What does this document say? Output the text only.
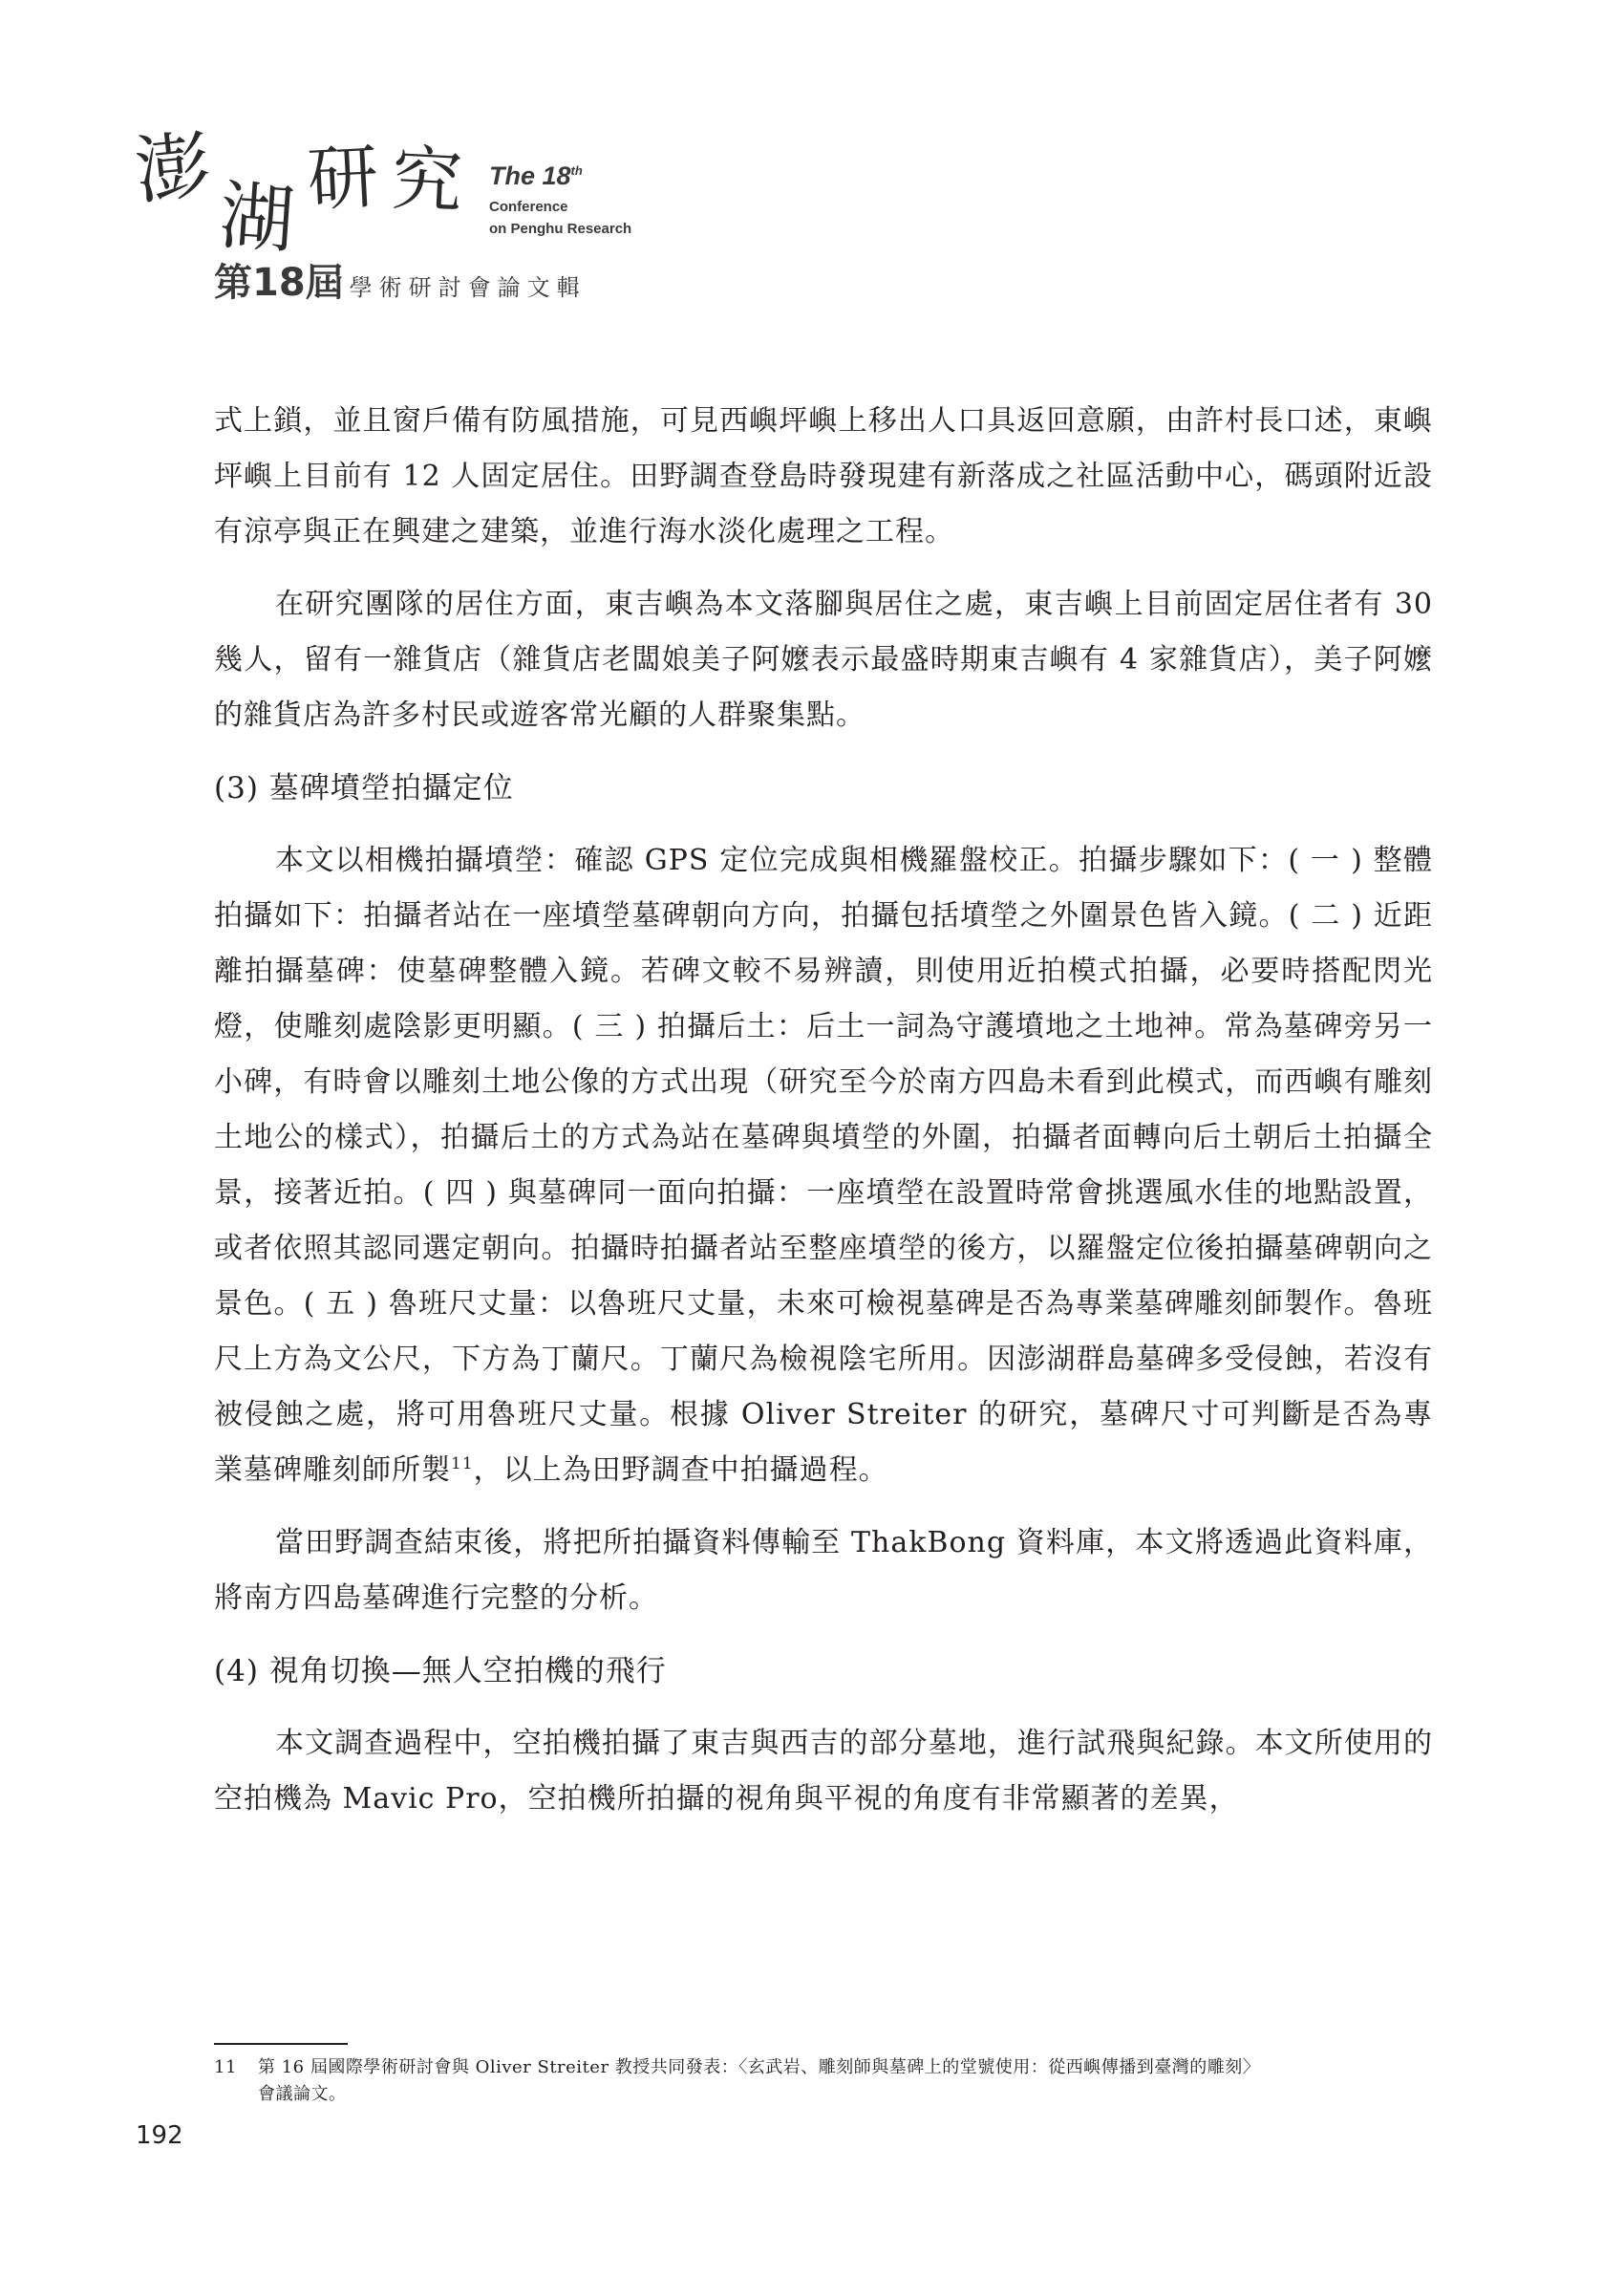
澎
湖 研 究 The 18th
Conference
on Penghu Research
第18屆 學術研討會論文輯

式上鎖，並且窗戶備有防風措施，可見西嶼坪嶼上移出人口具返回意願，由許村長口述，東嶼坪嶼上目前有 12 人固定居住。田野調查登島時發現建有新落成之社區活動中心，碼頭附近設有涼亭與正在興建之建築，並進行海水淡化處理之工程。

在研究團隊的居住方面，東吉嶼為本文落腳與居住之處，東吉嶼上目前固定居住者有 30 幾人，留有一雜貨店（雜貨店老闆娘美子阿嬤表示最盛時期東吉嶼有 4 家雜貨店），美子阿嬤的雜貨店為許多村民或遊客常光顧的人群聚集點。

(3) 墓碑墳塋拍攝定位

本文以相機拍攝墳塋：確認 GPS 定位完成與相機羅盤校正。拍攝步驟如下：( 一 ) 整體拍攝如下：拍攝者站在一座墳塋墓碑朝向方向，拍攝包括墳塋之外圍景色皆入鏡。( 二 ) 近距離拍攝墓碑：使墓碑整體入鏡。若碑文較不易辨讀，則使用近拍模式拍攝，必要時搭配閃光燈，使雕刻處陰影更明顯。( 三 ) 拍攝后土：后土一詞為守護墳地之土地神。常為墓碑旁另一小碑，有時會以雕刻土地公像的方式出現（研究至今於南方四島未看到此模式，而西嶼有雕刻土地公的樣式），拍攝后土的方式為站在墓碑與墳塋的外圍，拍攝者面轉向后土朝后土拍攝全景，接著近拍。( 四 ) 與墓碑同一面向拍攝：一座墳塋在設置時常會挑選風水佳的地點設置，或者依照其認同選定朝向。拍攝時拍攝者站至整座墳塋的後方，以羅盤定位後拍攝墓碑朝向之景色。( 五 ) 魯班尺丈量：以魯班尺丈量，未來可檢視墓碑是否為專業墓碑雕刻師製作。魯班尺上方為文公尺，下方為丁蘭尺。丁蘭尺為檢視陰宅所用。因澎湖群島墓碑多受侵蝕，若沒有被侵蝕之處，將可用魯班尺丈量。根據 Oliver Streiter 的研究，墓碑尺寸可判斷是否為專業墓碑雕刻師所製$^{11}$，以上為田野調查中拍攝過程。

當田野調查結束後，將把所拍攝資料傳輸至 ThakBong 資料庫，本文將透過此資料庫，將南方四島墓碑進行完整的分析。

(4) 視角切換—無人空拍機的飛行

本文調查過程中，空拍機拍攝了東吉與西吉的部分墓地，進行試飛與紀錄。本文所使用的空拍機為 Mavic Pro，空拍機所拍攝的視角與平視的角度有非常顯著的差異，

11 第 16 屆國際學術研討會與 Oliver Streiter 教授共同發表：〈玄武岩、雕刻師與墓碑上的堂號使用：從西嶼傳播到臺灣的雕刻〉
會議論文。
192
